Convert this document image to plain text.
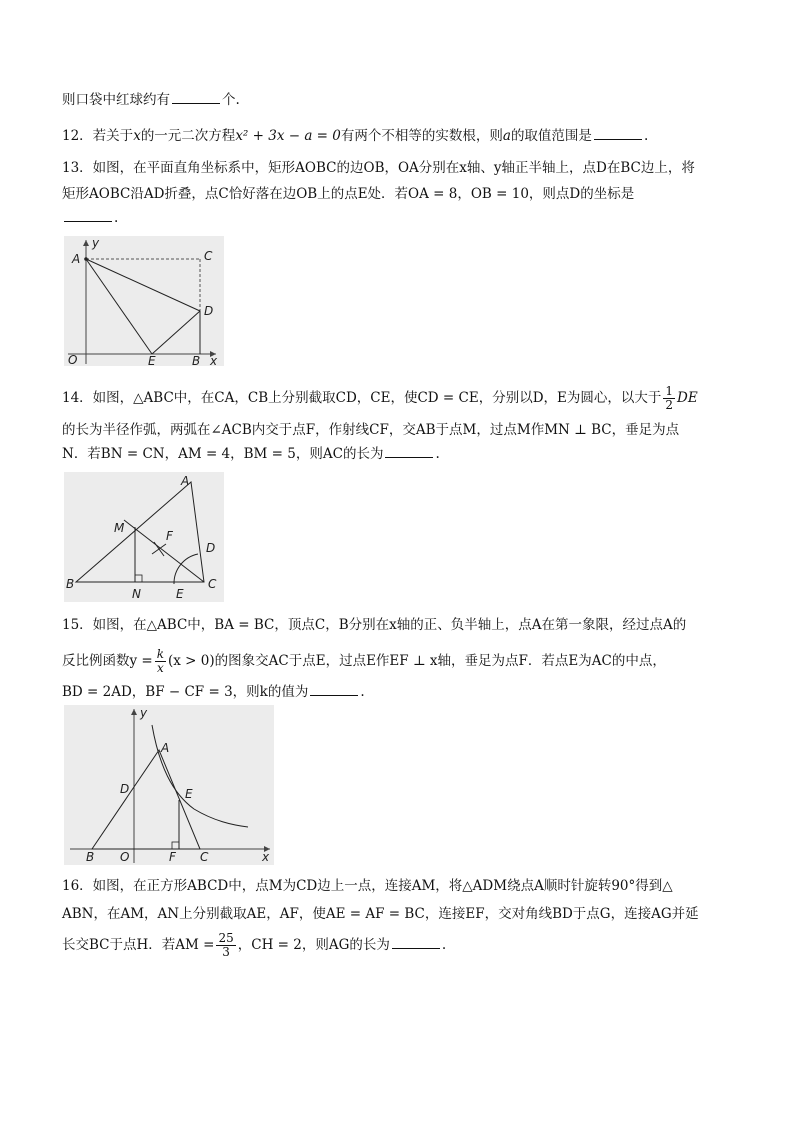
则口袋中红球约有	个.
12．若关于x的一元二次方程x² + 3x − a = 0有两个不相等的实数根，则a的取值范围是	.
13．如图，在平面直角坐标系中，矩形AOBC的边OB，OA分别在x轴、y轴正半轴上，点D在BC边上，将
矩形AOBC沿AD折叠，点C恰好落在边OB上的点E处．若OA = 8，OB = 10，则点D的坐标是
.
A
y
C
D
O	E	B x
14．如图，△ABC中，在CA，CB上分别截取CD，CE，使CD = CE，分别以D，E为圆心，以大于 $\frac{1}{2}$ DE
的长为半径作弧，两弧在∠ACB内交于点F，作射线CF，交AB于点M，过点M作MN ⊥ BC，垂足为点
N．若BN = CN，AM = 4，BM = 5，则AC的长为	.
A
M
F
D
B
N	E
C
15．如图，在△ABC中，BA = BC，顶点C，B分别在x轴的正、负半轴上，点A在第一象限，经过点A的
反比例函数$y = \frac{k}{x} (x > 0)$的图象交AC于点E，过点E作EF ⊥ x轴，垂足为点F．若点E为AC的中点，
BD = 2AD，BF − CF = 3，则k的值为	.
y
A
D	E
B O	F C	x
16．如图，在正方形ABCD中，点M为CD边上一点，连接AM，将△ADM绕点A顺时针旋转90°得到△
ABN，在AM，AN上分别截取AE，AF，使AE = AF = BC，连接EF，交对角线BD于点G，连接AG并延
长交BC于点H．若AM = $\frac{25}{3}$ ，CH = 2，则AG的长为	.
